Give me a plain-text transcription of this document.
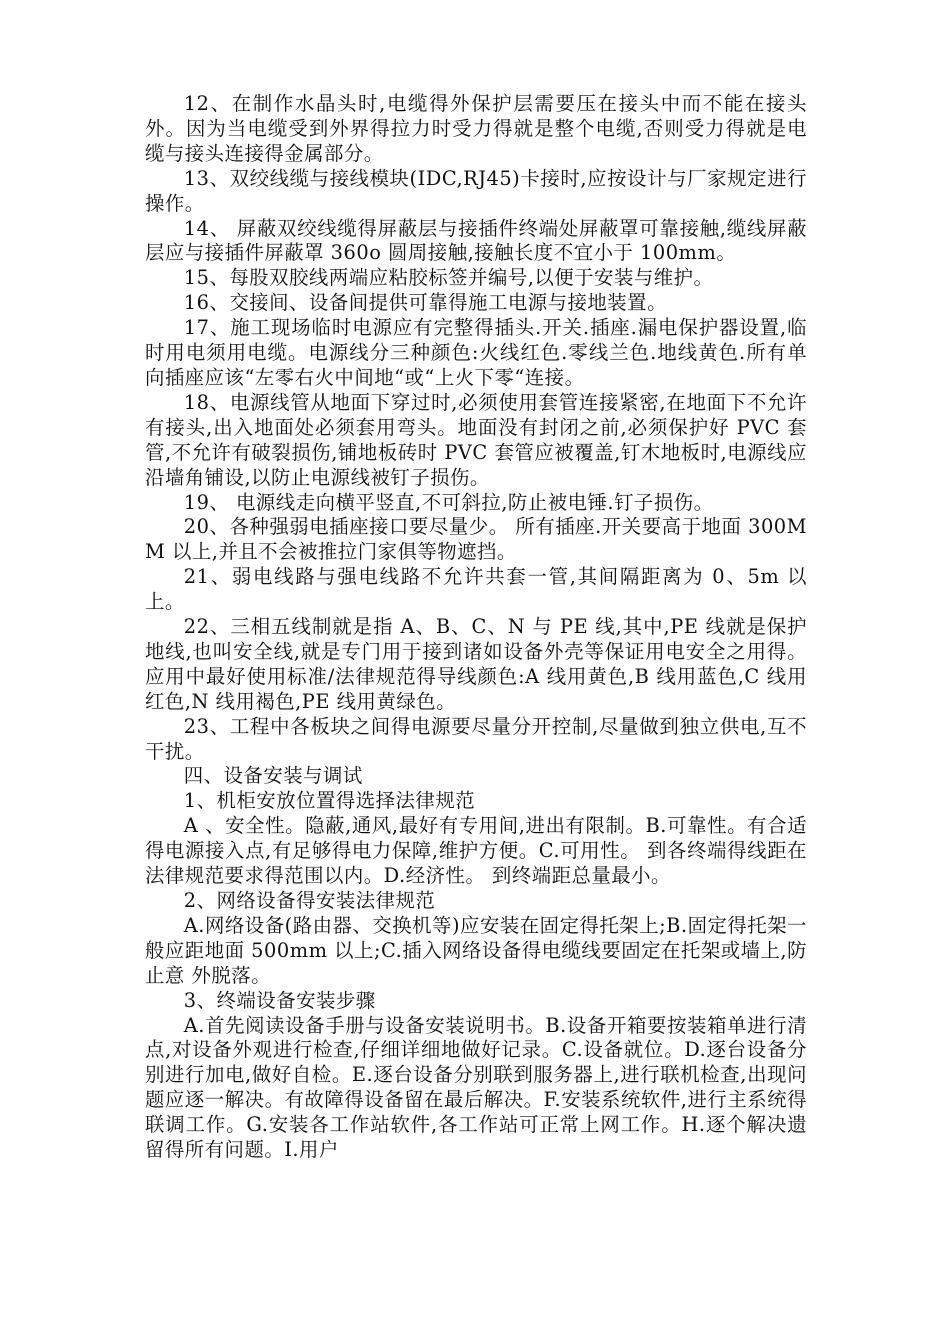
12、在制作水晶头时,电缆得外保护层需要压在接头中而不能在接头外。因为当电缆受到外界得拉力时受力得就是整个电缆,否则受力得就是电缆与接头连接得金属部分。

13、双绞线缆与接线模块(IDC,RJ45)卡接时,应按设计与厂家规定进行操作。

14、 屏蔽双绞线缆得屏蔽层与接插件终端处屏蔽罩可靠接触,缆线屏蔽层应与接插件屏蔽罩 360o 圆周接触,接触长度不宜小于 100mm。

15、每股双胶线两端应粘胶标签并编号,以便于安装与维护。

16、交接间、设备间提供可靠得施工电源与接地装置。

17、施工现场临时电源应有完整得插头.开关.插座.漏电保护器设置,临时用电须用电缆。电源线分三种颜色:火线红色.零线兰色.地线黄色.所有单向插座应该“左零右火中间地“或“上火下零“连接。

18、电源线管从地面下穿过时,必须使用套管连接紧密,在地面下不允许有接头,出入地面处必须套用弯头。地面没有封闭之前,必须保护好 PVC 套管,不允许有破裂损伤,铺地板砖时 PVC 套管应被覆盖,钉木地板时,电源线应沿墙角铺设,以防止电源线被钉子损伤。

19、 电源线走向横平竖直,不可斜拉,防止被电锤.钉子损伤。

20、各种强弱电插座接口要尽量少。 所有插座.开关要高于地面 300MM 以上,并且不会被推拉门家俱等物遮挡。

21、弱电线路与强电线路不允许共套一管,其间隔距离为 0、5m 以上。

22、三相五线制就是指 A、B、C、N 与 PE 线,其中,PE 线就是保护地线,也叫安全线,就是专门用于接到诸如设备外壳等保证用电安全之用得。应用中最好使用标准/法律规范得导线颜色:A 线用黄色,B 线用蓝色,C 线用红色,N 线用褐色,PE 线用黄绿色。

23、工程中各板块之间得电源要尽量分开控制,尽量做到独立供电,互不干扰。

四、设备安装与调试

1、机柜安放位置得选择法律规范

A 、安全性。隐蔽,通风,最好有专用间,进出有限制。B.可靠性。有合适得电源接入点,有足够得电力保障,维护方便。C.可用性。 到各终端得线距在法律规范要求得范围以内。D.经济性。 到终端距总量最小。

2、网络设备得安装法律规范

A.网络设备(路由器、交换机等)应安装在固定得托架上;B.固定得托架一般应距地面 500mm 以上;C.插入网络设备得电缆线要固定在托架或墙上,防止意 外脱落。

3、终端设备安装步骤

A.首先阅读设备手册与设备安装说明书。B.设备开箱要按装箱单进行清点,对设备外观进行检查,仔细详细地做好记录。C.设备就位。D.逐台设备分别进行加电,做好自检。E.逐台设备分别联到服务器上,进行联机检查,出现问题应逐一解决。有故障得设备留在最后解决。F.安装系统软件,进行主系统得联调工作。G.安装各工作站软件,各工作站可正常上网工作。H.逐个解决遗留得所有问题。I.用户
